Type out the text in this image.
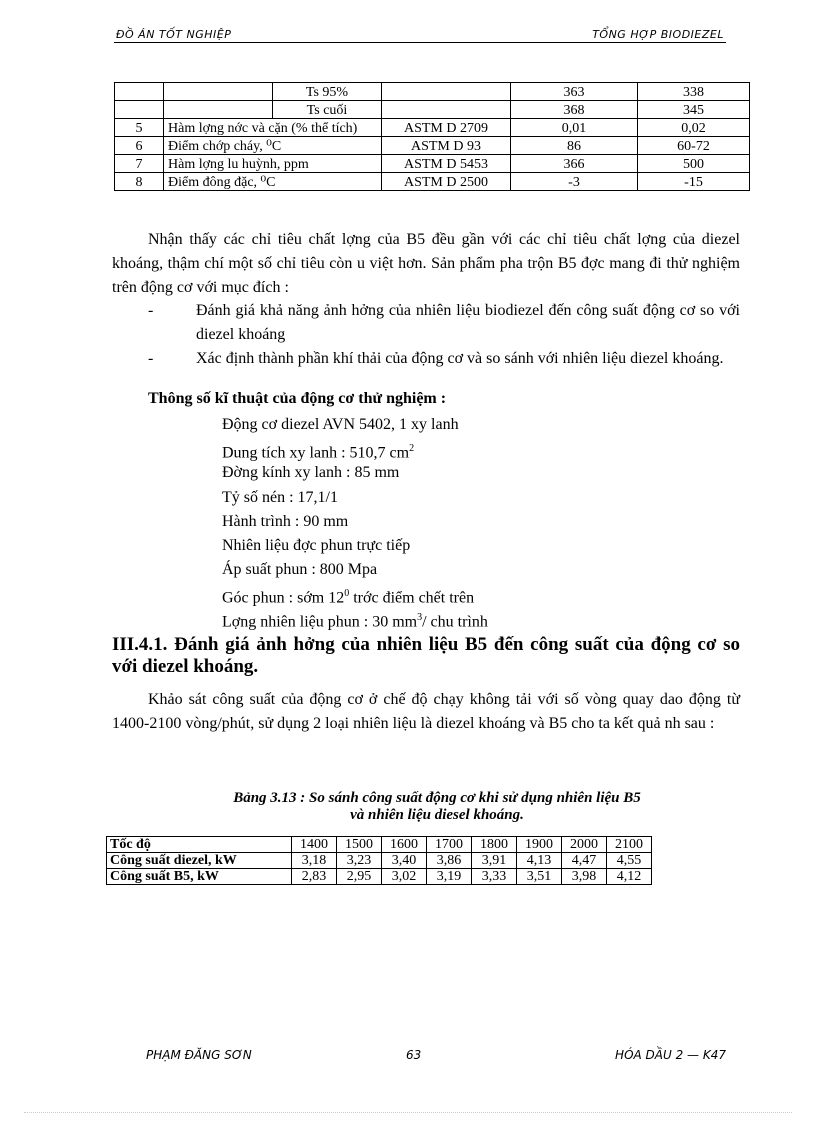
ĐỒ ÁN TỐT NGHIỆP	TỔNG HỢP BIODIEZEL
		Ts 95%		363	338
		Ts cuối		368	345
5	Hàm lợng nớc và cặn (% thể tích)		ASTM D 2709	0,01	0,02
6	Điểm chớp cháy, ⁰C		ASTM D 93	86	60-72
7	Hàm lợng lu huỳnh, ppm		ASTM D 5453	366	500
8	Điểm đông đặc, ⁰C		ASTM D 2500	-3	-15
Nhận thấy các chỉ tiêu chất lợng của B5 đều gần với các chỉ tiêu chất lợng của diezel khoáng, thậm chí một số chỉ tiêu còn u việt hơn. Sản phẩm pha trộn B5 đợc mang đi thử nghiệm trên động cơ với mục đích :
-	Đánh giá khả năng ảnh hởng của nhiên liệu biodiezel đến công suất động cơ so với diezel khoáng
-	Xác định thành phần khí thải của động cơ và so sánh với nhiên liệu diezel khoáng.
Thông số kĩ thuật của động cơ thử nghiệm :
Động cơ diezel AVN 5402, 1 xy lanh
Dung tích xy lanh : 510,7 $cm^2$
Đờng kính xy lanh : 85 mm
Tỷ số nén : 17,1/1
Hành trình : 90 mm
Nhiên liệu đợc phun trực tiếp
Áp suất phun : 800 Mpa
Góc phun : sớm $12^0$ trớc điểm chết trên
Lợng nhiên liệu phun : 30 $mm^3/$ chu trình
III.4.1. Đánh giá ảnh hởng của nhiên liệu B5 đến công suất của động cơ so với diezel khoáng.
Khảo sát công suất của động cơ ở chế độ chạy không tải với số vòng quay dao động từ 1400-2100 vòng/phút, sử dụng 2 loại nhiên liệu là diezel khoáng và B5 cho ta kết quả nh sau :
Bảng 3.13 : So sánh công suất động cơ khi sử dụng nhiên liệu B5
và nhiên liệu diesel khoáng.
Tốc độ	1400	1500	1600	1700	1800	1900	2000	2100
Công suất diezel, kW	3,18	3,23	3,40	3,86	3,91	4,13	4,47	4,55
Công suất B5, kW	2,83	2,95	3,02	3,19	3,33	3,51	3,98	4,12
PHẠM ĐĂNG SƠN	63	HÓA DẦU 2 — K47
